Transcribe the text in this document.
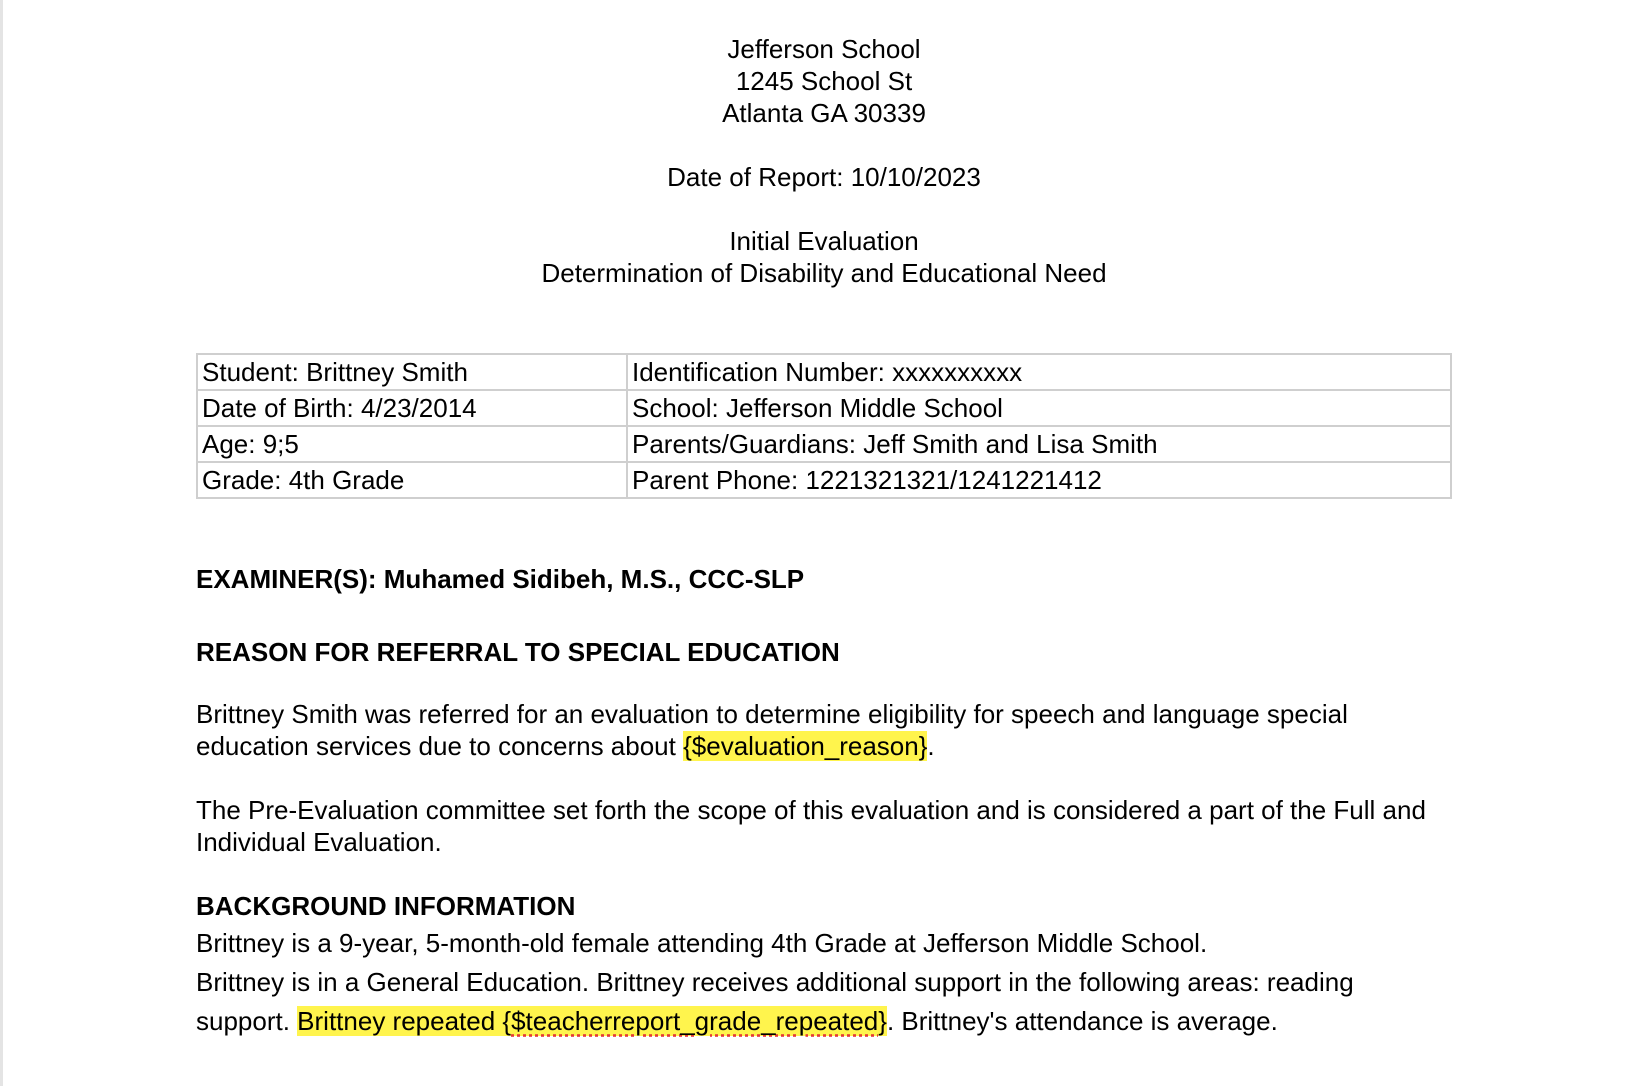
Jefferson School
1245 School St
Atlanta GA 30339
Date of Report: 10/10/2023
Initial Evaluation
Determination of Disability and Educational Need
Student: Brittney Smith	Identification Number: xxxxxxxxxx
Date of Birth: 4/23/2014	School: Jefferson Middle School
Age: 9;5	Parents/Guardians: Jeff Smith and Lisa Smith
Grade: 4th Grade	Parent Phone: 1221321321/1241221412
EXAMINER(S): Muhamed Sidibeh, M.S., CCC-SLP
REASON FOR REFERRAL TO SPECIAL EDUCATION
Brittney Smith was referred for an evaluation to determine eligibility for speech and language special education services due to concerns about {$evaluation_reason}.
The Pre-Evaluation committee set forth the scope of this evaluation and is considered a part of the Full and Individual Evaluation.
BACKGROUND INFORMATION
Brittney is a 9-year, 5-month-old female attending 4th Grade at Jefferson Middle School.
Brittney is in a General Education. Brittney receives additional support in the following areas: reading support. Brittney repeated {$teacherreport_grade_repeated}. Brittney's attendance is average.
